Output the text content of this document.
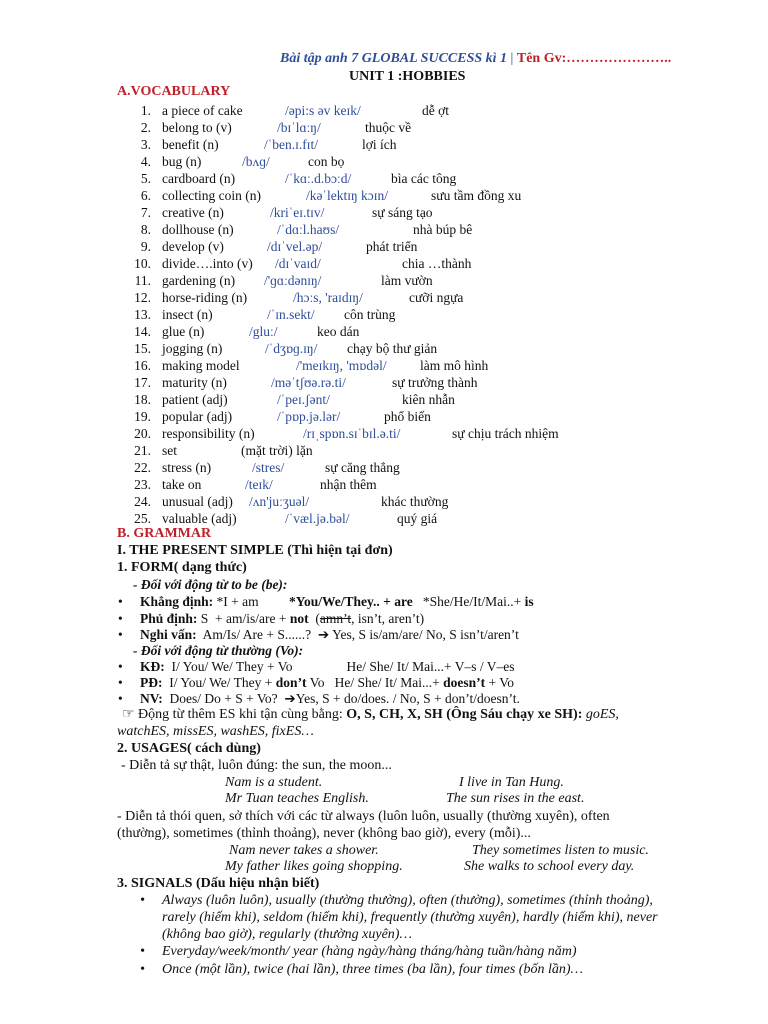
Bài tập anh 7 GLOBAL SUCCESS kì 1 | Tên Gv:…………………..
UNIT 1 :HOBBIES
A.VOCABULARY
1. a piece of cake	/əpi:s əv keɪk/	dễ ợt
2. belong to (v)	/bɪˈlɑːŋ/	thuộc về
3. benefit (n)	/ˈben.ɪ.fɪt/	lợi ích
4. bug (n)	/bʌɡ/	con bọ
5. cardboard (n)	/ˈkɑː.d.bɔːd/	bìa các tông
6. collecting coin (n)	/kəˈlektɪŋ kɔɪn/	sưu tầm đồng xu
7. creative (n)	/kriˈeɪ.tɪv/	sự sáng tạo
8. dollhouse (n)	/ˈdɑːl.haʊs/	nhà búp bê
9. develop (v)	/dɪˈvel.əp/	phát triển
10. divide….into (v) /dɪˈvaɪd/	chia …thành
11. gardening (n) /'ɡɑːdənɪŋ/	làm vườn
12. horse-riding (n)	/hɔːs, 'raɪdɪŋ/	cưỡi ngựa
13. insect (n)	/ˈɪn.sekt/ côn trùng
14. glue (n)	/gluː/	keo dán
15. jogging (n)	/ˈdʒɒɡ.ɪŋ/ chạy bộ thư giản
16. making model	/'meɪkɪŋ, 'mɒdəl/ làm mô hình
17. maturity (n)	/məˈtʃʊə.rə.ti/	sự trưởng thành
18. patient (adj)	/ˈpeɪ.ʃənt/	kiên nhẫn
19. popular (adj)	/ˈpɒp.jə.lər/	phổ biến
20. responsibility (n)	/rɪˌspɒn.sɪˈbɪl.ə.ti/	sự chịu trách nhiệm
21. set	(mặt trời) lặn
22. stress (n)	/stres/	sự căng thẳng
23. take on	/teɪk/	nhận thêm
24. unusual (adj) /ʌn'juːʒuəl/	khác thường
25. valuable (adj)	/ˈvæl.jə.bəl/	quý giá
B. GRAMMAR
I. THE PRESENT SIMPLE (Thì hiện tại đơn)
1. FORM( dạng thức)
- Đối với động từ to be (be):
• Khẳng định: *I + am         *You/We/They.. + are   *She/He/It/Mai..+ is
• Phủ định: S  + am/is/are + not  (amn’t, isn’t, aren’t)
• Nghi vấn:  Am/Is/ Are + S......?  ➔ Yes, S is/am/are/ No, S isn’t/aren’t
- Đối với động từ thường (Vo):
• KĐ:  I/ You/ We/ They + Vo                He/ She/ It/ Mai...+ V–s / V–es
• PĐ:  I/ You/ We/ They + don’t Vo   He/ She/ It/ Mai...+ doesn’t + Vo
• NV:  Does/ Do + S + Vo?  ➔Yes, S + do/does. / No, S + don’t/doesn’t.
☞ Động từ thêm ES khi tận cùng bằng: O, S, CH, X, SH (Ông Sáu chạy xe SH): goES,
watchES, missES, washES, fixES…
2. USAGES( cách dùng)
- Diễn tả sự thật, luôn đúng: the sun, the moon...
Nam is a student.	I live in Tan Hung.
Mr Tuan teaches English.	The sun rises in the east.
- Diễn tả thói quen, sở thích với các từ always (luôn luôn, usually (thường xuyên), often
(thường), sometimes (thỉnh thoảng), never (không bao giờ), every (mỗi)...
Nam never takes a shower.	They sometimes listen to music.
My father likes going shopping.	She walks to school every day.
3. SIGNALS (Dấu hiệu nhận biết)
• Always (luôn luôn), usually (thường thường), often (thường), sometimes (thỉnh thoảng),
rarely (hiếm khi), seldom (hiếm khi), frequently (thường xuyên), hardly (hiếm khi), never
(không bao giờ), regularly (thường xuyên)…
• Everyday/week/month/ year (hàng ngày/hàng tháng/hàng tuần/hàng năm)
• Once (một lần), twice (hai lần), three times (ba lần), four times (bốn lần)…
